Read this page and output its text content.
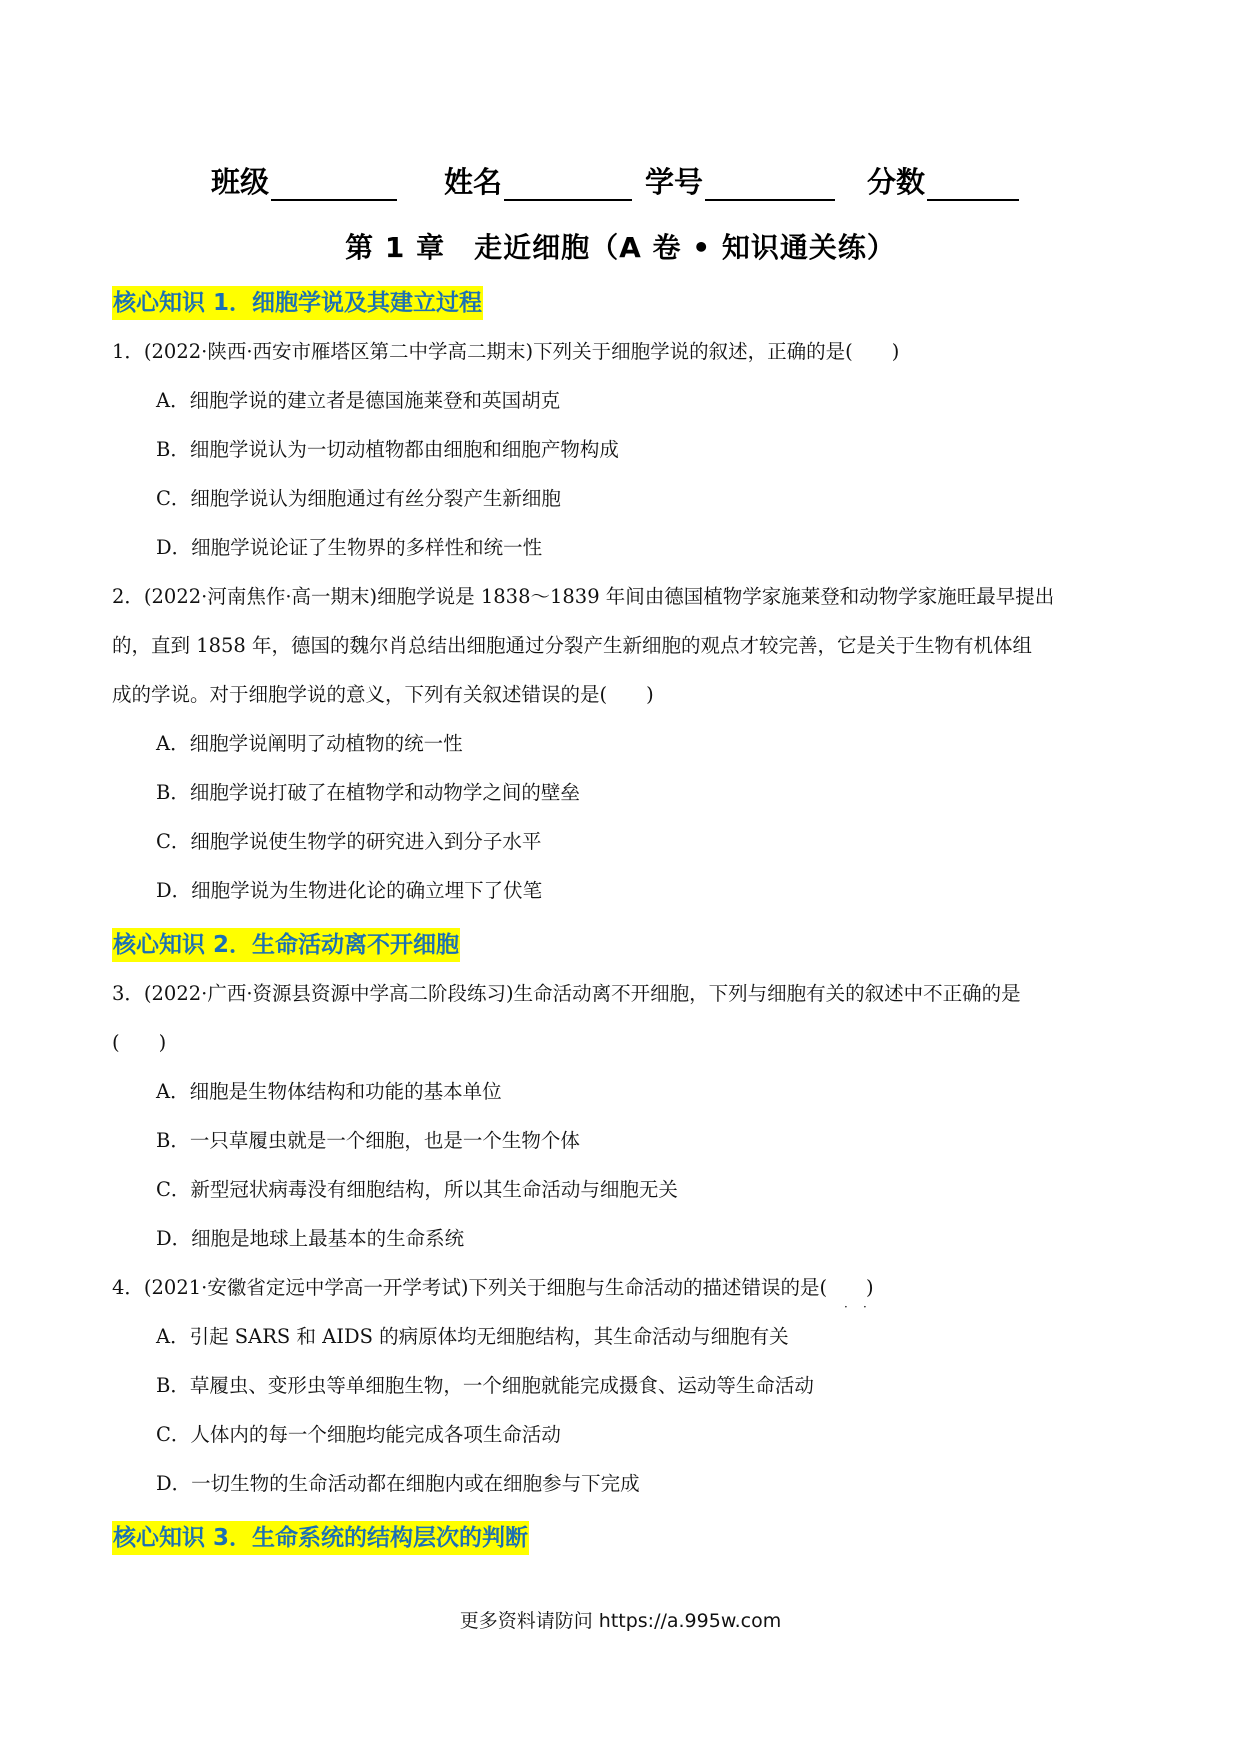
班级	姓名	学号	分数
第 1 章　走近细胞（A 卷 • 知识通关练）
核心知识 1．细胞学说及其建立过程
1．(2022·陕西·西安市雁塔区第二中学高二期末)下列关于细胞学说的叙述，正确的是(　　)
A．细胞学说的建立者是德国施莱登和英国胡克
B．细胞学说认为一切动植物都由细胞和细胞产物构成
C．细胞学说认为细胞通过有丝分裂产生新细胞
D．细胞学说论证了生物界的多样性和统一性
2．(2022·河南焦作·高一期末)细胞学说是 1838～1839 年间由德国植物学家施莱登和动物学家施旺最早提出
的，直到 1858 年，德国的魏尔肖总结出细胞通过分裂产生新细胞的观点才较完善，它是关于生物有机体组
成的学说。对于细胞学说的意义，下列有关叙述错误的是(　　)
A．细胞学说阐明了动植物的统一性
B．细胞学说打破了在植物学和动物学之间的壁垒
C．细胞学说使生物学的研究进入到分子水平
D．细胞学说为生物进化论的确立埋下了伏笔
核心知识 2．生命活动离不开细胞
3．(2022·广西·资源县资源中学高二阶段练习)生命活动离不开细胞，下列与细胞有关的叙述中不正确的是
(　　)
A．细胞是生物体结构和功能的基本单位
B．一只草履虫就是一个细胞，也是一个生物个体
C．新型冠状病毒没有细胞结构，所以其生命活动与细胞无关
D．细胞是地球上最基本的生命系统
4．(2021·安徽省定远中学高一开学考试)下列关于细胞与生命活动的描述错误的是(　　)
· ·
A．引起 SARS 和 AIDS 的病原体均无细胞结构，其生命活动与细胞有关
B．草履虫、变形虫等单细胞生物，一个细胞就能完成摄食、运动等生命活动
C．人体内的每一个细胞均能完成各项生命活动
D．一切生物的生命活动都在细胞内或在细胞参与下完成
核心知识 3．生命系统的结构层次的判断
更多资料请防问 https://a.995w.com
